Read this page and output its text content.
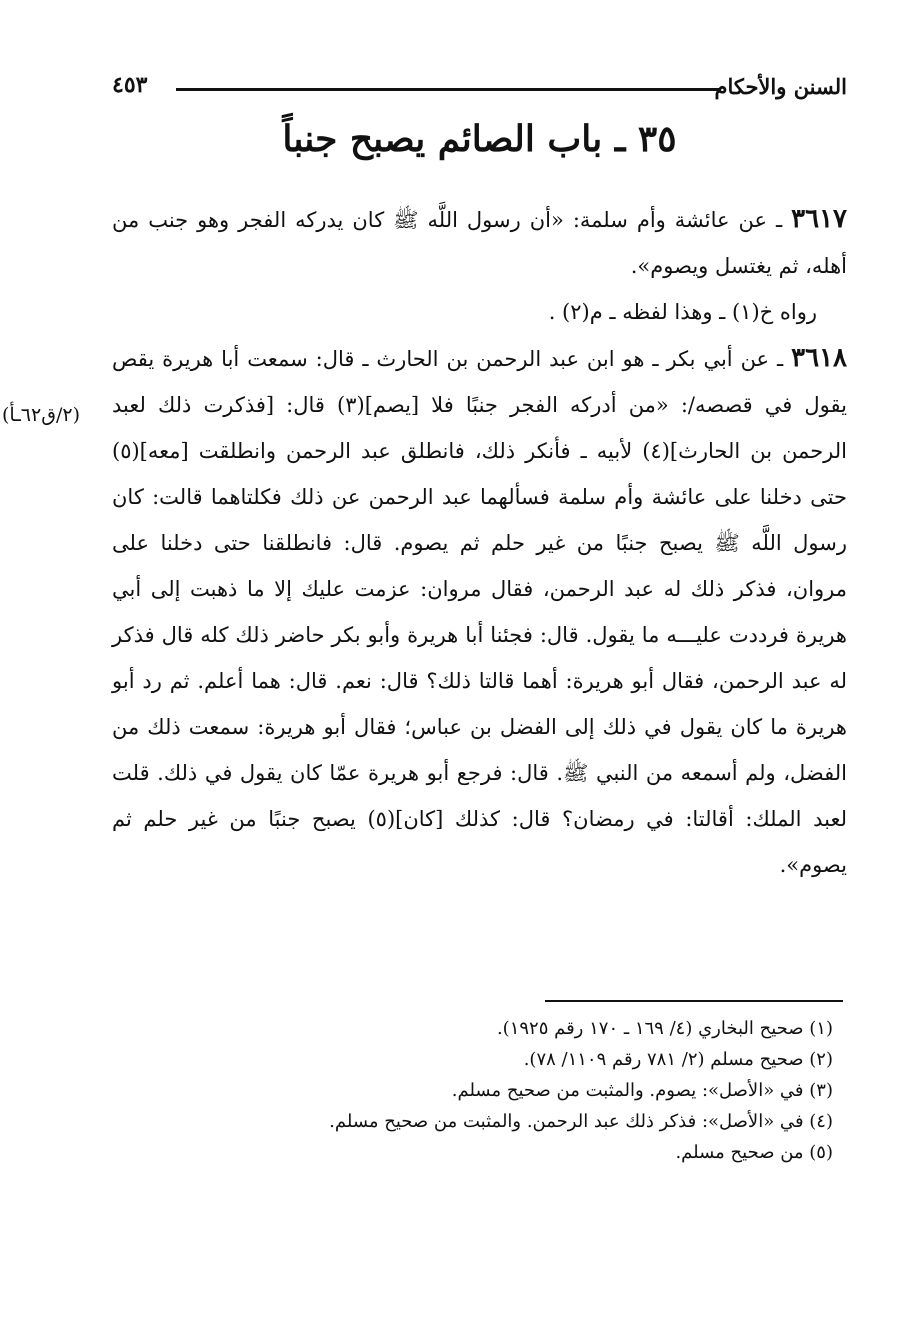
السنن والأحكام
٤٥٣
٣٥ ـ باب الصائم يصبح جنباً

٣٦١٧ ـ عن عائشة وأم سلمة: «أن رسول اللَّه ﷺ كان يدركه الفجر وهو جنب من أهله، ثم يغتسل ويصوم».

رواه خ(١) ـ وهذا لفظه ـ م(٢) .

٣٦١٨ ـ عن أبي بكر ـ هو ابن عبد الرحمن بن الحارث ـ قال: سمعت أبا هريرة يقص يقول في قصصه/: «من أدركه الفجر جنبًا فلا [يصم](٣) قال: [فذكرت ذلك لعبد الرحمن بن الحارث](٤) لأبيه ـ فأنكر ذلك، فانطلق عبد الرحمن وانطلقت [معه](٥) حتى دخلنا على عائشة وأم سلمة فسألهما عبد الرحمن عن ذلك فكلتاهما قالت: كان رسول اللَّه ﷺ يصبح جنبًا من غير حلم ثم يصوم. قال: فانطلقنا حتى دخلنا على مروان، فذكر ذلك له عبد الرحمن، فقال مروان: عزمت عليك إلا ما ذهبت إلى أبي هريرة فرددت عليـــه ما يقول. قال: فجئنا أبا هريرة وأبو بكر حاضر ذلك كله قال فذكر له عبد الرحمن، فقال أبو هريرة: أهما قالتا ذلك؟ قال: نعم. قال: هما أعلم. ثم رد أبو هريرة ما كان يقول في ذلك إلى الفضل بن عباس؛ فقال أبو هريرة: سمعت ذلك من الفضل، ولم أسمعه من النبي ﷺ. قال: فرجع أبو هريرة عمّا كان يقول في ذلك. قلت لعبد الملك: أقالتا: في رمضان؟ قال: كذلك [كان](٥) يصبح جنبًا من غير حلم ثم يصوم».

(٢/ق٦٢ـأ)

(١) صحيح البخاري (٤/ ١٦٩ ـ ١٧٠ رقم ١٩٢٥).

(٢) صحيح مسلم (٢/ ٧٨١ رقم ١١٠٩/ ٧٨).

(٣) في «الأصل»: يصوم. والمثبت من صحيح مسلم.

(٤) في «الأصل»: فذكر ذلك عبد الرحمن. والمثبت من صحيح مسلم.

(٥) من صحيح مسلم.
